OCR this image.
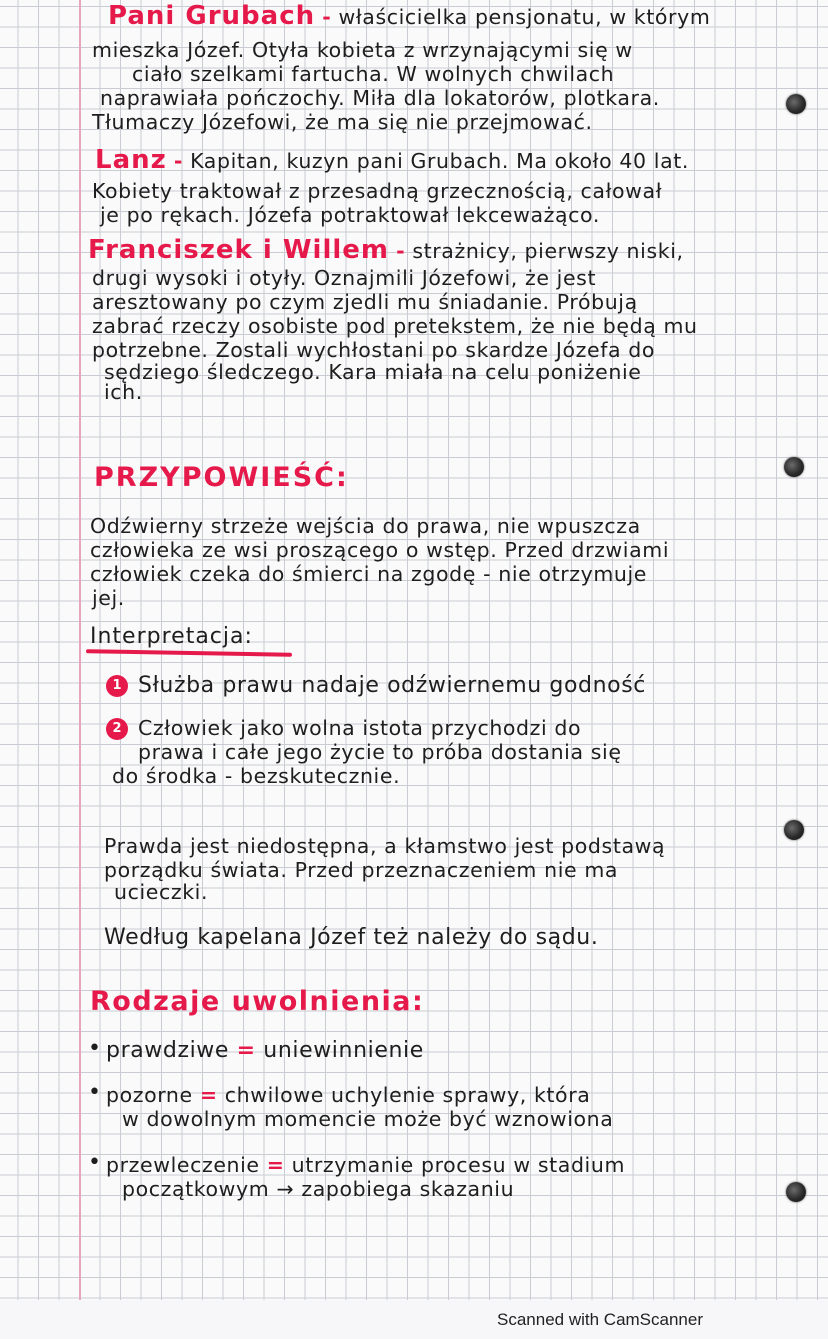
Pani Grubach - właścicielka pensjonatu, w którym
mieszka Józef. Otyła kobieta z wrzynającymi się w
ciało szelkami fartucha. W wolnych chwilach
naprawiała pończochy. Miła dla lokatorów, plotkara.
Tłumaczy Józefowi, że ma się nie przejmować.
Lanz - Kapitan, kuzyn pani Grubach. Ma około 40 lat.
Kobiety traktował z przesadną grzecznością, całował
je po rękach. Józefa potraktował lekceważąco.
Franciszek i Willem - strażnicy, pierwszy niski,
drugi wysoki i otyły. Oznajmili Józefowi, że jest
aresztowany po czym zjedli mu śniadanie. Próbują
zabrać rzeczy osobiste pod pretekstem, że nie będą mu
potrzebne. Zostali wychłostani po skardze Józefa do
sędziego śledczego. Kara miała na celu poniżenie
ich.
PRZYPOWIEŚĆ:
Odźwierny strzeże wejścia do prawa, nie wpuszcza
człowieka ze wsi proszącego o wstęp. Przed drzwiami
człowiek czeka do śmierci na zgodę - nie otrzymuje
jej.
Interpretacja:
1 Służba prawu nadaje odźwiernemu godność
2 Człowiek jako wolna istota przychodzi do
prawa i całe jego życie to próba dostania się
do środka - bezskutecznie.
Prawda jest niedostępna, a kłamstwo jest podstawą
porządku świata. Przed przeznaczeniem nie ma
ucieczki.
Według kapelana Józef też należy do sądu.
Rodzaje uwolnienia:
• prawdziwe = uniewinnienie
• pozorne = chwilowe uchylenie sprawy, która
w dowolnym momencie może być wznowiona
• przewleczenie = utrzymanie procesu w stadium
początkowym → zapobiega skazaniu
Scanned with CamScanner
